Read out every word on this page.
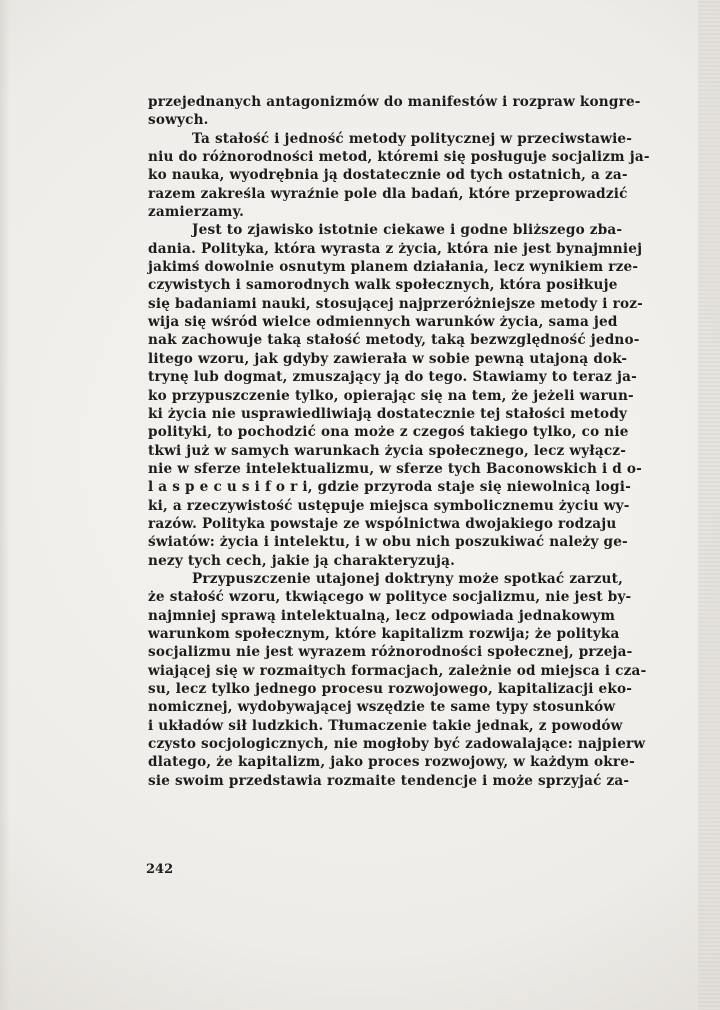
przejednanych antagonizmów do manifestów i rozpraw kongre-
sowych.
Ta stałość i jedność metody politycznej w przeciwstawie-
niu do różnorodności metod, któremi się posługuje socjalizm ja-
ko nauka, wyodrębnia ją dostatecznie od tych ostatnich, a za-
razem zakreśla wyraźnie pole dla badań, które przeprowadzić
zamierzamy.
Jest to zjawisko istotnie ciekawe i godne bliższego zba-
dania. Polityka, która wyrasta z życia, która nie jest bynajmniej
jakimś dowolnie osnutym planem działania, lecz wynikiem rze-
czywistych i samorodnych walk społecznych, która posiłkuje
się badaniami nauki, stosującej najprzeróżniejsze metody i roz-
wija się wśród wielce odmiennych warunków życia, sama jed
nak zachowuje taką stałość metody, taką bezwzględność jedno-
litego wzoru, jak gdyby zawierała w sobie pewną utajoną dok-
trynę lub dogmat, zmuszający ją do tego. Stawiamy to teraz ja-
ko przypuszczenie tylko, opierając się na tem, że jeżeli warun-
ki życia nie usprawiedliwiają dostatecznie tej stałości metody
polityki, to pochodzić ona może z czegoś takiego tylko, co nie
tkwi już w samych warunkach życia społecznego, lecz wyłącz-
nie w sferze intelektualizmu, w sferze tych Baconowskich i d o-
l a s p e c u s i f o r i, gdzie przyroda staje się niewolnicą logi-
ki, a rzeczywistość ustępuje miejsca symbolicznemu życiu wy-
razów. Polityka powstaje ze wspólnictwa dwojakiego rodzaju
światów: życia i intelektu, i w obu nich poszukiwać należy ge-
nezy tych cech, jakie ją charakteryzują.
Przypuszczenie utajonej doktryny może spotkać zarzut,
że stałość wzoru, tkwiącego w polityce socjalizmu, nie jest by-
najmniej sprawą intelektualną, lecz odpowiada jednakowym
warunkom społecznym, które kapitalizm rozwija; że polityka
socjalizmu nie jest wyrazem różnorodności społecznej, przeja-
wiającej się w rozmaitych formacjach, zależnie od miejsca i cza-
su, lecz tylko jednego procesu rozwojowego, kapitalizacji eko-
nomicznej, wydobywającej wszędzie te same typy stosunków
i układów sił ludzkich. Tłumaczenie takie jednak, z powodów
czysto socjologicznych, nie mogłoby być zadowalające: najpierw
dlatego, że kapitalizm, jako proces rozwojowy, w każdym okre-
sie swoim przedstawia rozmaite tendencje i może sprzyjać za-
242
